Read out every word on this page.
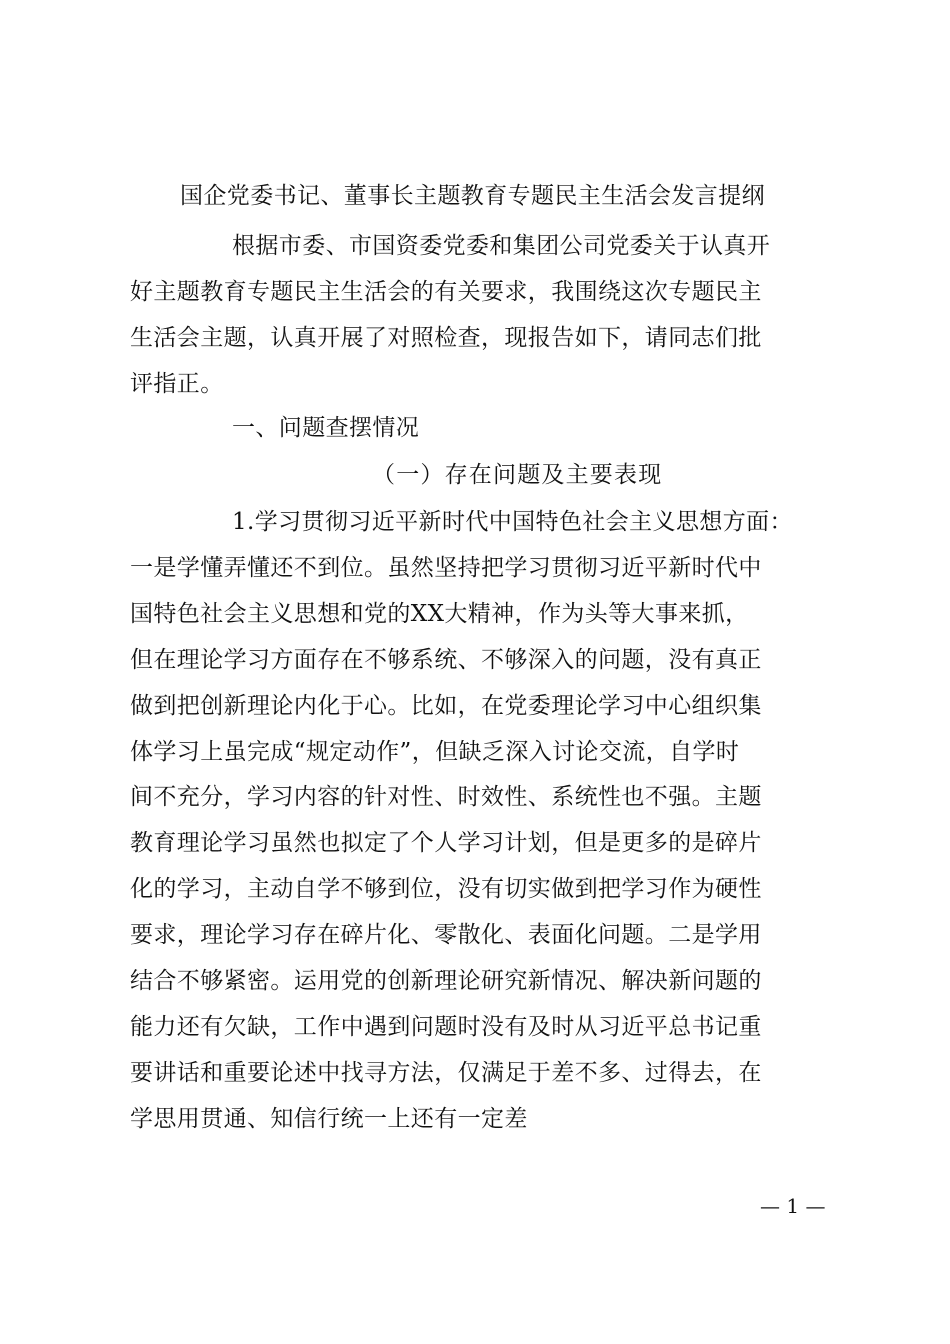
国企党委书记、董事长主题教育专题民主生活会发言提纲
根据市委、市国资委党委和集团公司党委关于认真开
好主题教育专题民主生活会的有关要求，我围绕这次专题民主
生活会主题，认真开展了对照检查，现报告如下，请同志们批
评指正。
一、问题查摆情况
（一）存在问题及主要表现
1.学习贯彻习近平新时代中国特色社会主义思想方面：
一是学懂弄懂还不到位。虽然坚持把学习贯彻习近平新时代中
国特色社会主义思想和党的XX大精神，作为头等大事来抓，
但在理论学习方面存在不够系统、不够深入的问题，没有真正
做到把创新理论内化于心。比如，在党委理论学习中心组织集
体学习上虽完成“规定动作”，但缺乏深入讨论交流，自学时
间不充分，学习内容的针对性、时效性、系统性也不强。主题
教育理论学习虽然也拟定了个人学习计划，但是更多的是碎片
化的学习，主动自学不够到位，没有切实做到把学习作为硬性
要求，理论学习存在碎片化、零散化、表面化问题。二是学用
结合不够紧密。运用党的创新理论研究新情况、解决新问题的
能力还有欠缺，工作中遇到问题时没有及时从习近平总书记重
要讲话和重要论述中找寻方法，仅满足于差不多、过得去，在
学思用贯通、知信行统一上还有一定差
— 1 —
